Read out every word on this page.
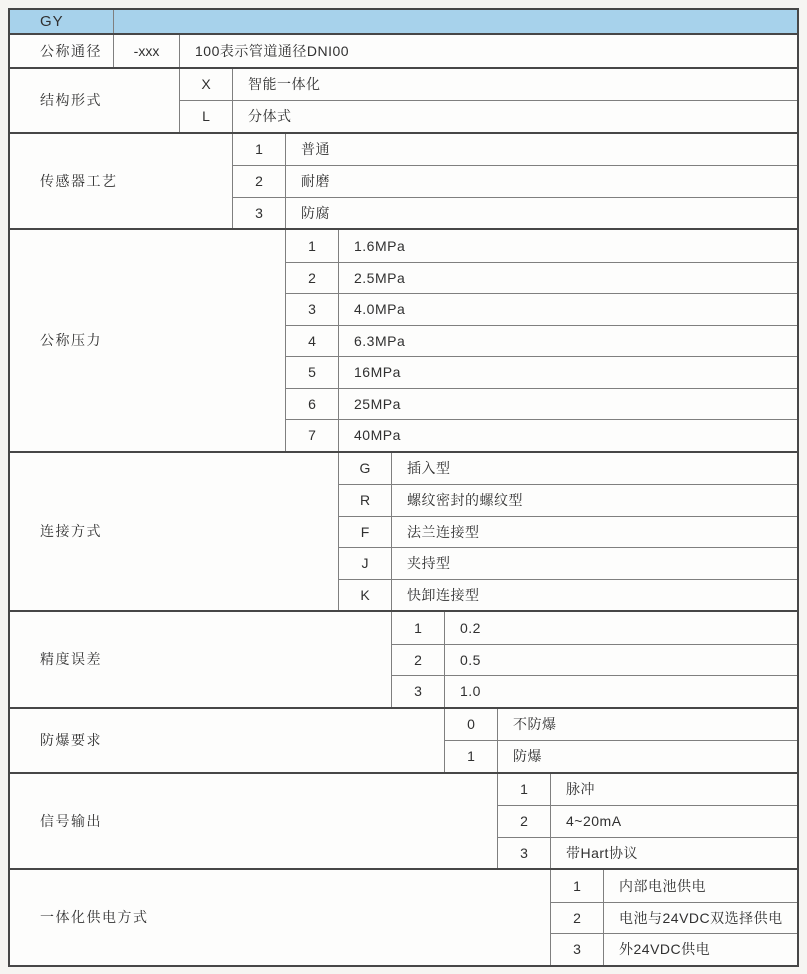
GY
公称通径	-xxx	100表示管道通径DNI00
结构形式
X	智能一体化
L	分体式
传感器工艺
1	普通
2	耐磨
3	防腐
公称压力
1	1.6MPa
2	2.5MPa
3	4.0MPa
4	6.3MPa
5	16MPa
6	25MPa
7	40MPa
连接方式
G	插入型
R	螺纹密封的螺纹型
F	法兰连接型
J	夹持型
K	快卸连接型
精度误差
1	0.2
2	0.5
3	1.0
防爆要求
0	不防爆
1	防爆
信号输出
1	脉冲
2	4~20mA
3	带Hart协议
一体化供电方式
1	内部电池供电
2	电池与24VDC双选择供电
3	外24VDC供电
